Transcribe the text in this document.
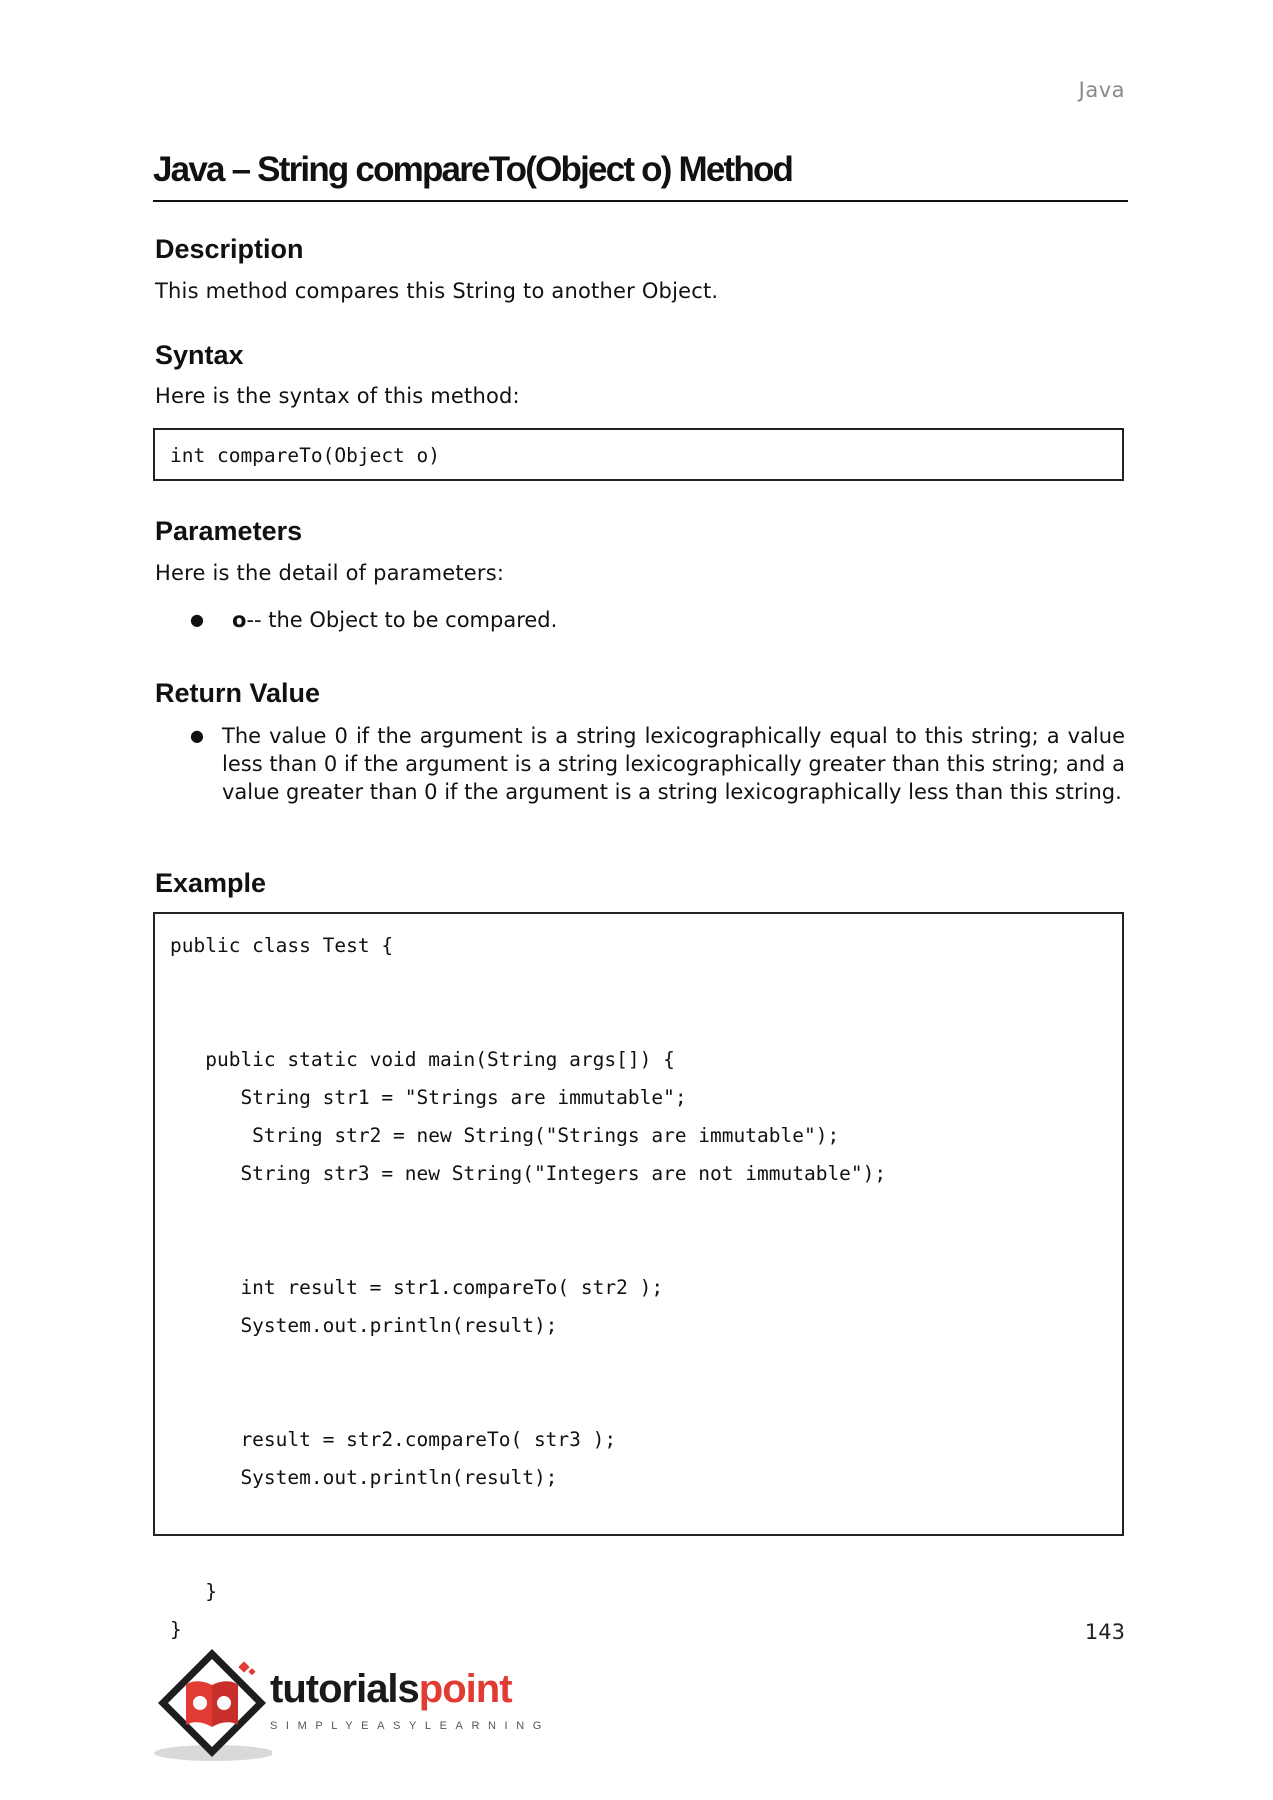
Java
Java – String compareTo(Object o) Method
Description

This method compares this String to another Object.

Syntax

Here is the syntax of this method:

int compareTo(Object o)
Parameters

Here is the detail of parameters:

● o-- the Object to be compared.
Return Value
● The value 0 if the argument is a string lexicographically equal to this string; a value less than 0 if the argument is a string lexicographically greater than this string; and a value greater than 0 if the argument is a string lexicographically less than this string.
Example
public class Test {

public static void main(String args[]) {
String str1 = "Strings are immutable";
String str2 = new String("Strings are immutable");
String str3 = new String("Integers are not immutable");

int result = str1.compareTo( str2 );
System.out.println(result);

result = str2.compareTo( str3 );
System.out.println(result);

}
}	143
tutorialspoint
SIMPLYEASYLEARNING
